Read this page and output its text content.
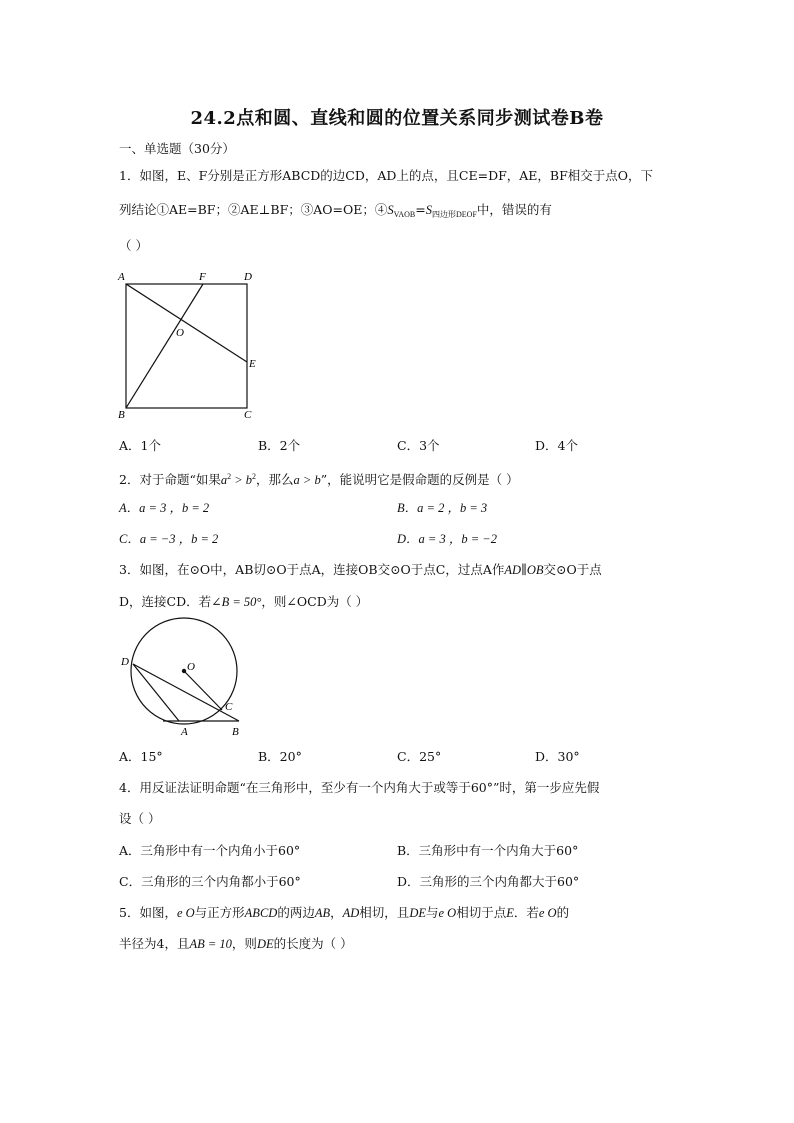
24.2点和圆、直线和圆的位置关系同步测试卷B卷
一、单选题（30分）
1．如图，E、F分别是正方形ABCD的边CD，AD上的点，且CE=DF，AE，BF相交于点O，下
列结论①AE=BF；②AE⊥BF；③AO=OE；$④S_{VAOB}=S_{四边形DEOF}$中，错误的有
（ ）
A	F	D
O
E
B	C
A．1个	B．2个	C．3个	D．4个
2．对于命题“如果$a^2 > b^2$，那么a > b”，能说明它是假命题的反例是（ ）
A．a = 3 ，b = 2	B．a = 2 ，b = 3
C．a = −3 ，b = 2	D．a = 3 ，b = −2
3．如图，在⊙O中，AB切⊙O于点A，连接OB交⊙O于点C，过点A作AD∥OB交⊙O于点
D，连接CD．若∠B = 50°，则∠OCD为（ ）
D	O
C
A	B
A．15°	B．20°	C．25°	D．30°
4．用反证法证明命题“在三角形中，至少有一个内角大于或等于60°”时，第一步应先假
设（ ）
A．三角形中有一个内角小于60°	B．三角形中有一个内角大于60°
C．三角形的三个内角都小于60°	D．三角形的三个内角都大于60°
5．如图，e O与正方形ABCD的两边AB，AD相切，且DE与e O相切于点E．若e O的
半径为4，且AB = 10，则DE的长度为（ ）
